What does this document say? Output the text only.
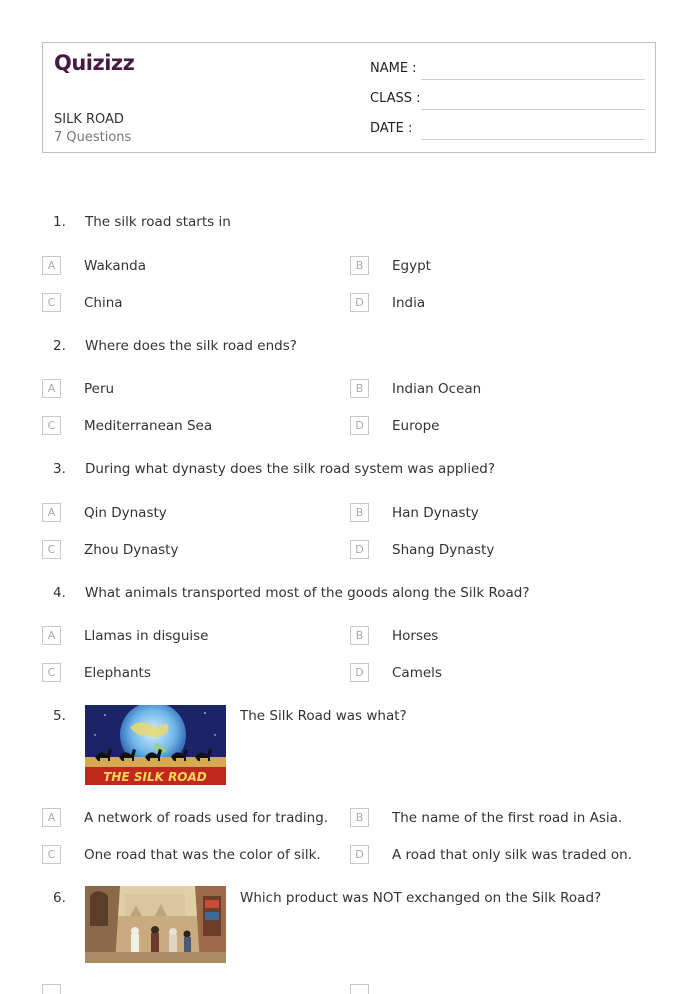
Quizizz
SILK ROAD
7 Questions
NAME :
CLASS :
DATE :
1. The silk road starts in
A	Wakanda	B	Egypt
C	China	D	India
2. Where does the silk road ends?
A	Peru	B	Indian Ocean
C	Mediterranean Sea	D	Europe
3. During what dynasty does the silk road system was applied?
A	Qin Dynasty	B	Han Dynasty
C	Zhou Dynasty	D	Shang Dynasty
4. What animals transported most of the goods along the Silk Road?
A	Llamas in disguise	B	Horses
C	Elephants	D	Camels
5.
THE SILK ROAD
The Silk Road was what?
A	A network of roads used for trading.	B	The name of the first road in Asia.
C	One road that was the color of silk.	D	A road that only silk was traded on.
6.	Which product was NOT exchanged on the Silk Road?
